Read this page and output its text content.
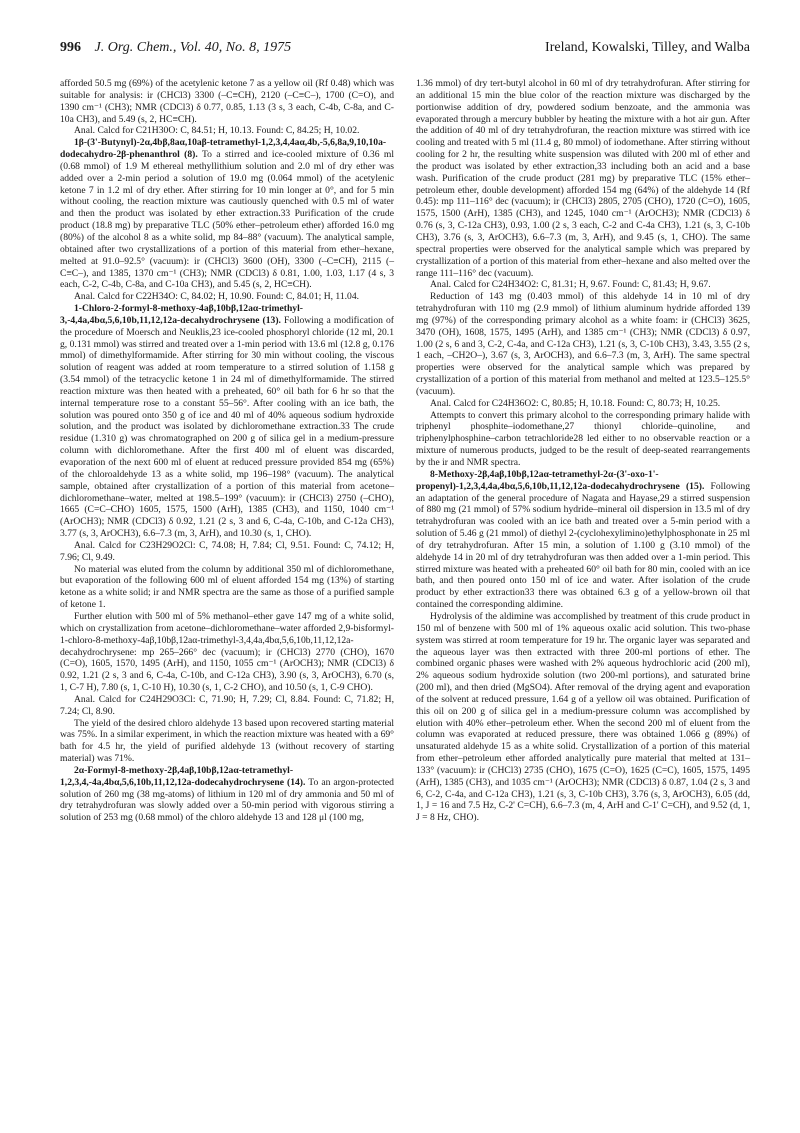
996 J. Org. Chem., Vol. 40, No. 8, 1975	Ireland, Kowalski, Tilley, and Walba

afforded 50.5 mg (69%) of the acetylenic ketone 7 as a yellow oil (Rf 0.48) which was suitable for analysis: ir (CHCl3) 3300 (–C≡CH), 2120 (–C≡C–), 1700 (C=O), and 1390 cm⁻¹ (CH3); NMR (CDCl3) δ 0.77, 0.85, 1.13 (3 s, 3 each, C-4b, C-8a, and C-10a CH3), and 5.49 (s, 2, HC≡CH).

Anal. Calcd for C21H30O: C, 84.51; H, 10.13. Found: C, 84.25; H, 10.02.

1β-(3'-Butynyl)-2α,4bβ,8aα,10aβ-tetramethyl-1,2,3,4,4aα,4b,-5,6,8a,9,10,10a-dodecahydro-2β-phenanthrol (8). To a stirred and ice-cooled mixture of 0.36 ml (0.68 mmol) of 1.9 M ethereal methyllithium solution and 2.0 ml of dry ether was added over a 2-min period a solution of 19.0 mg (0.064 mmol) of the acetylenic ketone 7 in 1.2 ml of dry ether. After stirring for 10 min longer at 0°, and for 5 min without cooling, the reaction mixture was cautiously quenched with 0.5 ml of water and then the product was isolated by ether extraction.33 Purification of the crude product (18.8 mg) by preparative TLC (50% ether–petroleum ether) afforded 16.0 mg (80%) of the alcohol 8 as a white solid, mp 84–88° (vacuum). The analytical sample, obtained after two crystallizations of a portion of this material from ether–hexane, melted at 91.0–92.5° (vacuum): ir (CHCl3) 3600 (OH), 3300 (–C≡CH), 2115 (–C≡C–), and 1385, 1370 cm⁻¹ (CH3); NMR (CDCl3) δ 0.81, 1.00, 1.03, 1.17 (4 s, 3 each, C-2, C-4b, C-8a, and C-10a CH3), and 5.45 (s, 2, HC≡CH).

Anal. Calcd for C22H34O: C, 84.02; H, 10.90. Found: C, 84.01; H, 11.04.

1-Chloro-2-formyl-8-methoxy-4aβ,10bβ,12aα-trimethyl-3,-4,4a,4bα,5,6,10b,11,12,12a-decahydrochrysene (13). Following a modification of the procedure of Moersch and Neuklis,23 ice-cooled phosphoryl chloride (12 ml, 20.1 g, 0.131 mmol) was stirred and treated over a 1-min period with 13.6 ml (12.8 g, 0.176 mmol) of dimethylformamide. After stirring for 30 min without cooling, the viscous solution of reagent was added at room temperature to a stirred solution of 1.158 g (3.54 mmol) of the tetracyclic ketone 1 in 24 ml of dimethylformamide. The stirred reaction mixture was then heated with a preheated, 60° oil bath for 6 hr so that the internal temperature rose to a constant 55–56°. After cooling with an ice bath, the solution was poured onto 350 g of ice and 40 ml of 40% aqueous sodium hydroxide solution, and the product was isolated by dichloromethane extraction.33 The crude residue (1.310 g) was chromatographed on 200 g of silica gel in a medium-pressure column with dichloromethane. After the first 400 ml of eluent was discarded, evaporation of the next 600 ml of eluent at reduced pressure provided 854 mg (65%) of the chloroaldehyde 13 as a white solid, mp 196–198° (vacuum). The analytical sample, obtained after crystallization of a portion of this material from acetone–dichloromethane–water, melted at 198.5–199° (vacuum): ir (CHCl3) 2750 (–CHO), 1665 (C=C–CHO) 1605, 1575, 1500 (ArH), 1385 (CH3), and 1150, 1040 cm⁻¹ (ArOCH3); NMR (CDCl3) δ 0.92, 1.21 (2 s, 3 and 6, C-4a, C-10b, and C-12a CH3), 3.77 (s, 3, ArOCH3), 6.6–7.3 (m, 3, ArH), and 10.30 (s, 1, CHO).

Anal. Calcd for C23H29O2Cl: C, 74.08; H, 7.84; Cl, 9.51. Found: C, 74.12; H, 7.96; Cl, 9.49.

No material was eluted from the column by additional 350 ml of dichloromethane, but evaporation of the following 600 ml of eluent afforded 154 mg (13%) of starting ketone as a white solid; ir and NMR spectra are the same as those of a purified sample of ketone 1.

Further elution with 500 ml of 5% methanol–ether gave 147 mg of a white solid, which on crystallization from acetone–dichloromethane–water afforded 2,9-bisformyl-1-chloro-8-methoxy-4aβ,10bβ,12aα-trimethyl-3,4,4a,4bα,5,6,10b,11,12,12a-decahydrochrysene: mp 265–266° dec (vacuum); ir (CHCl3) 2770 (CHO), 1670 (C=O), 1605, 1570, 1495 (ArH), and 1150, 1055 cm⁻¹ (ArOCH3); NMR (CDCl3) δ 0.92, 1.21 (2 s, 3 and 6, C-4a, C-10b, and C-12a CH3), 3.90 (s, 3, ArOCH3), 6.70 (s, 1, C-7 H), 7.80 (s, 1, C-10 H), 10.30 (s, 1, C-2 CHO), and 10.50 (s, 1, C-9 CHO).

Anal. Calcd for C24H29O3Cl: C, 71.90; H, 7.29; Cl, 8.84. Found: C, 71.82; H, 7.24; Cl, 8.90.

The yield of the desired chloro aldehyde 13 based upon recovered starting material was 75%. In a similar experiment, in which the reaction mixture was heated with a 69° bath for 4.5 hr, the yield of purified aldehyde 13 (without recovery of starting material) was 71%.

2α-Formyl-8-methoxy-2β,4aβ,10bβ,12aα-tetramethyl-1,2,3,4,-4a,4bα,5,6,10b,11,12,12a-dodecahydrochrysene (14). To an argon-protected solution of 260 mg (38 mg-atoms) of lithium in 120 ml of dry ammonia and 50 ml of dry tetrahydrofuran was slowly added over a 50-min period with vigorous stirring a solution of 253 mg (0.68 mmol) of the chloro aldehyde 13 and 128 μl (100 mg,

1.36 mmol) of dry tert-butyl alcohol in 60 ml of dry tetrahydrofuran. After stirring for an additional 15 min the blue color of the reaction mixture was discharged by the portionwise addition of dry, powdered sodium benzoate, and the ammonia was evaporated through a mercury bubbler by heating the mixture with a hot air gun. After the addition of 40 ml of dry tetrahydrofuran, the reaction mixture was stirred with ice cooling and treated with 5 ml (11.4 g, 80 mmol) of iodomethane. After stirring without cooling for 2 hr, the resulting white suspension was diluted with 200 ml of ether and the product was isolated by ether extraction,33 including both an acid and a base wash. Purification of the crude product (281 mg) by preparative TLC (15% ether–petroleum ether, double development) afforded 154 mg (64%) of the aldehyde 14 (Rf 0.45): mp 111–116° dec (vacuum); ir (CHCl3) 2805, 2705 (CHO), 1720 (C=O), 1605, 1575, 1500 (ArH), 1385 (CH3), and 1245, 1040 cm⁻¹ (ArOCH3); NMR (CDCl3) δ 0.76 (s, 3, C-12a CH3), 0.93, 1.00 (2 s, 3 each, C-2 and C-4a CH3), 1.21 (s, 3, C-10b CH3), 3.76 (s, 3, ArOCH3), 6.6–7.3 (m, 3, ArH), and 9.45 (s, 1, CHO). The same spectral properties were observed for the analytical sample which was prepared by crystallization of a portion of this material from ether–hexane and also melted over the range 111–116° dec (vacuum).

Anal. Calcd for C24H34O2: C, 81.31; H, 9.67. Found: C, 81.43; H, 9.67.

Reduction of 143 mg (0.403 mmol) of this aldehyde 14 in 10 ml of dry tetrahydrofuran with 110 mg (2.9 mmol) of lithium aluminum hydride afforded 139 mg (97%) of the corresponding primary alcohol as a white foam: ir (CHCl3) 3625, 3470 (OH), 1608, 1575, 1495 (ArH), and 1385 cm⁻¹ (CH3); NMR (CDCl3) δ 0.97, 1.00 (2 s, 6 and 3, C-2, C-4a, and C-12a CH3), 1.21 (s, 3, C-10b CH3), 3.43, 3.55 (2 s, 1 each, –CH2O–), 3.67 (s, 3, ArOCH3), and 6.6–7.3 (m, 3, ArH). The same spectral properties were observed for the analytical sample which was prepared by crystallization of a portion of this material from methanol and melted at 123.5–125.5° (vacuum).

Anal. Calcd for C24H36O2: C, 80.85; H, 10.18. Found: C, 80.73; H, 10.25.

Attempts to convert this primary alcohol to the corresponding primary halide with triphenyl phosphite–iodomethane,27 thionyl chloride–quinoline, and triphenylphosphine–carbon tetrachloride28 led either to no observable reaction or a mixture of numerous products, judged to be the result of deep-seated rearrangements by the ir and NMR spectra.

8-Methoxy-2β,4aβ,10bβ,12aα-tetramethyl-2α-(3'-oxo-1'-propenyl)-1,2,3,4,4a,4bα,5,6,10b,11,12,12a-dodecahydrochrysene (15). Following an adaptation of the general procedure of Nagata and Hayase,29 a stirred suspension of 880 mg (21 mmol) of 57% sodium hydride–mineral oil dispersion in 13.5 ml of dry tetrahydrofuran was cooled with an ice bath and treated over a 5-min period with a solution of 5.46 g (21 mmol) of diethyl 2-(cyclohexylimino)ethylphosphonate in 25 ml of dry tetrahydrofuran. After 15 min, a solution of 1.100 g (3.10 mmol) of the aldehyde 14 in 20 ml of dry tetrahydrofuran was then added over a 1-min period. This stirred mixture was heated with a preheated 60° oil bath for 80 min, cooled with an ice bath, and then poured onto 150 ml of ice and water. After isolation of the crude product by ether extraction33 there was obtained 6.3 g of a yellow-brown oil that contained the corresponding aldimine.

Hydrolysis of the aldimine was accomplished by treatment of this crude product in 150 ml of benzene with 500 ml of 1% aqueous oxalic acid solution. This two-phase system was stirred at room temperature for 19 hr. The organic layer was separated and the aqueous layer was then extracted with three 200-ml portions of ether. The combined organic phases were washed with 2% aqueous hydrochloric acid (200 ml), 2% aqueous sodium hydroxide solution (two 200-ml portions), and saturated brine (200 ml), and then dried (MgSO4). After removal of the drying agent and evaporation of the solvent at reduced pressure, 1.64 g of a yellow oil was obtained. Purification of this oil on 200 g of silica gel in a medium-pressure column was accomplished by elution with 40% ether–petroleum ether. When the second 200 ml of eluent from the column was evaporated at reduced pressure, there was obtained 1.066 g (89%) of unsaturated aldehyde 15 as a white solid. Crystallization of a portion of this material from ether–petroleum ether afforded analytically pure material that melted at 131–133° (vacuum): ir (CHCl3) 2735 (CHO), 1675 (C=O), 1625 (C=C), 1605, 1575, 1495 (ArH), 1385 (CH3), and 1035 cm⁻¹ (ArOCH3); NMR (CDCl3) δ 0.87, 1.04 (2 s, 3 and 6, C-2, C-4a, and C-12a CH3), 1.21 (s, 3, C-10b CH3), 3.76 (s, 3, ArOCH3), 6.05 (dd, 1, J = 16 and 7.5 Hz, C-2' C=CH), 6.6–7.3 (m, 4, ArH and C-1' C=CH), and 9.52 (d, 1, J = 8 Hz, CHO).
